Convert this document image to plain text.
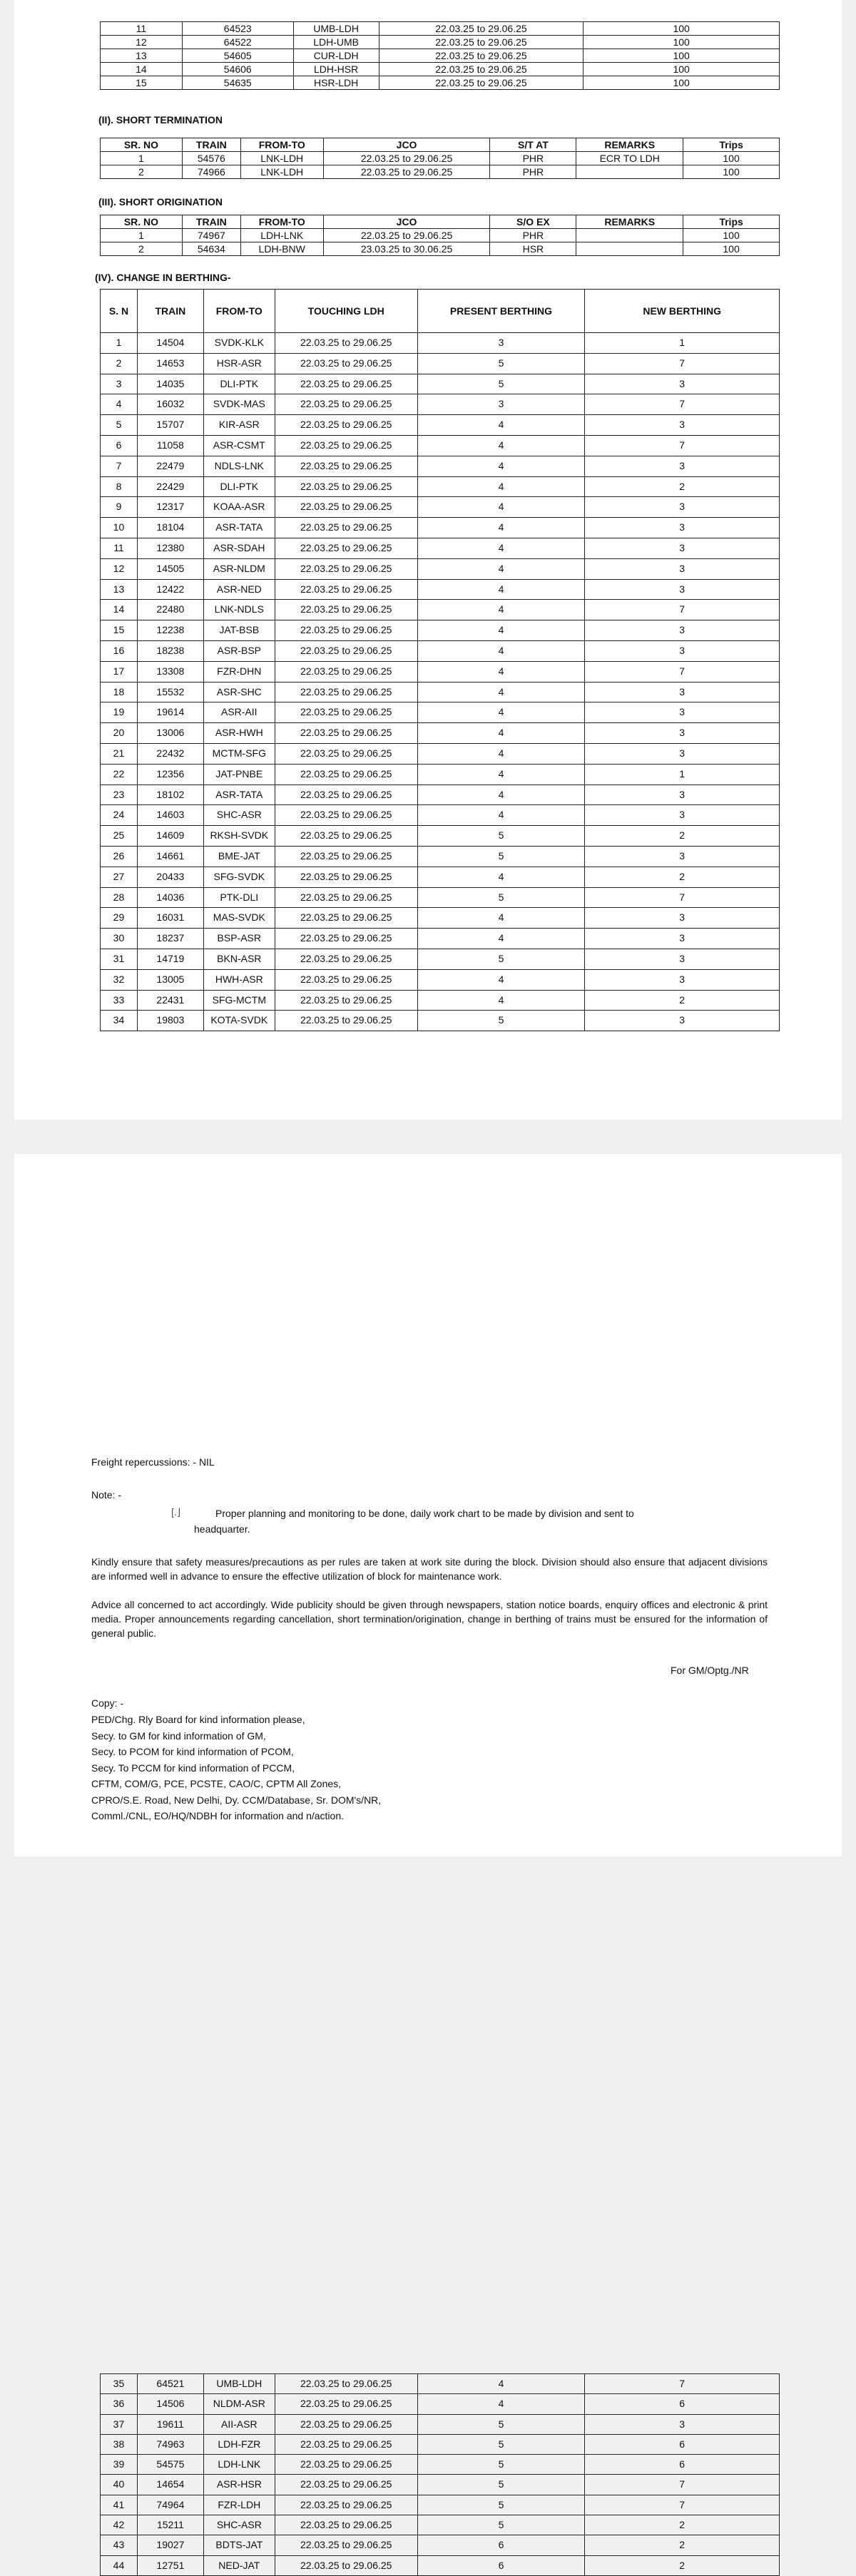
11	64523	UMB-LDH	22.03.25 to 29.06.25	100
12	64522	LDH-UMB	22.03.25 to 29.06.25	100
13	54605	CUR-LDH	22.03.25 to 29.06.25	100
14	54606	LDH-HSR	22.03.25 to 29.06.25	100
15	54635	HSR-LDH	22.03.25 to 29.06.25	100
(II). SHORT TERMINATION
SR. NO	TRAIN	FROM-TO	JCO	S/T AT	REMARKS	Trips
1	54576	LNK-LDH	22.03.25 to 29.06.25	PHR	ECR TO LDH	100
2	74966	LNK-LDH	22.03.25 to 29.06.25	PHR		100
(III). SHORT ORIGINATION
SR. NO	TRAIN	FROM-TO	JCO	S/O EX	REMARKS	Trips
1	74967	LDH-LNK	22.03.25 to 29.06.25	PHR		100
2	54634	LDH-BNW	23.03.25 to 30.06.25	HSR		100
(IV). CHANGE IN BERTHING-
S. N	TRAIN	FROM-TO	TOUCHING LDH	PRESENT BERTHING	NEW BERTHING
1	14504	SVDK-KLK	22.03.25 to 29.06.25	3	1
2	14653	HSR-ASR	22.03.25 to 29.06.25	5	7
3	14035	DLI-PTK	22.03.25 to 29.06.25	5	3
4	16032	SVDK-MAS	22.03.25 to 29.06.25	3	7
5	15707	KIR-ASR	22.03.25 to 29.06.25	4	3
6	11058	ASR-CSMT	22.03.25 to 29.06.25	4	7
7	22479	NDLS-LNK	22.03.25 to 29.06.25	4	3
8	22429	DLI-PTK	22.03.25 to 29.06.25	4	2
9	12317	KOAA-ASR	22.03.25 to 29.06.25	4	3
10	18104	ASR-TATA	22.03.25 to 29.06.25	4	3
11	12380	ASR-SDAH	22.03.25 to 29.06.25	4	3
12	14505	ASR-NLDM	22.03.25 to 29.06.25	4	3
13	12422	ASR-NED	22.03.25 to 29.06.25	4	3
14	22480	LNK-NDLS	22.03.25 to 29.06.25	4	7
15	12238	JAT-BSB	22.03.25 to 29.06.25	4	3
16	18238	ASR-BSP	22.03.25 to 29.06.25	4	3
17	13308	FZR-DHN	22.03.25 to 29.06.25	4	7
18	15532	ASR-SHC	22.03.25 to 29.06.25	4	3
19	19614	ASR-AII	22.03.25 to 29.06.25	4	3
20	13006	ASR-HWH	22.03.25 to 29.06.25	4	3
21	22432	MCTM-SFG	22.03.25 to 29.06.25	4	3
22	12356	JAT-PNBE	22.03.25 to 29.06.25	4	1
23	18102	ASR-TATA	22.03.25 to 29.06.25	4	3
24	14603	SHC-ASR	22.03.25 to 29.06.25	4	3
25	14609	RKSH-SVDK	22.03.25 to 29.06.25	5	2
26	14661	BME-JAT	22.03.25 to 29.06.25	5	3
27	20433	SFG-SVDK	22.03.25 to 29.06.25	4	2
28	14036	PTK-DLI	22.03.25 to 29.06.25	5	7
29	16031	MAS-SVDK	22.03.25 to 29.06.25	4	3
30	18237	BSP-ASR	22.03.25 to 29.06.25	4	3
31	14719	BKN-ASR	22.03.25 to 29.06.25	5	3
32	13005	HWH-ASR	22.03.25 to 29.06.25	4	3
33	22431	SFG-MCTM	22.03.25 to 29.06.25	4	2
34	19803	KOTA-SVDK	22.03.25 to 29.06.25	5	3
35	64521	UMB-LDH	22.03.25 to 29.06.25	4	7
36	14506	NLDM-ASR	22.03.25 to 29.06.25	4	6
37	19611	AII-ASR	22.03.25 to 29.06.25	5	3
38	74963	LDH-FZR	22.03.25 to 29.06.25	5	6
39	54575	LDH-LNK	22.03.25 to 29.06.25	5	6
40	14654	ASR-HSR	22.03.25 to 29.06.25	5	7
41	74964	FZR-LDH	22.03.25 to 29.06.25	5	7
42	15211	SHC-ASR	22.03.25 to 29.06.25	5	2
43	19027	BDTS-JAT	22.03.25 to 29.06.25	6	2
44	12751	NED-JAT	22.03.25 to 29.06.25	6	2
Freight repercussions: - NIL
Note: -
[.⌋	Proper planning and monitoring to be done, daily work chart to be made by division and sent to
headquarter.
Kindly ensure that safety measures/precautions as per rules are taken at work site during the block. Division should also ensure that adjacent divisions are informed well in advance to ensure the effective utilization of block for maintenance work.
Advice all concerned to act accordingly. Wide publicity should be given through newspapers, station notice boards, enquiry offices and electronic & print media. Proper announcements regarding cancellation, short termination/origination, change in berthing of trains must be ensured for the information of general public.
For GM/Optg./NR
Copy: -
PED/Chg. Rly Board for kind information please,
Secy. to GM for kind information of GM,
Secy. to PCOM for kind information of PCOM,
Secy. To PCCM for kind information of PCCM,
CFTM, COM/G, PCE, PCSTE, CAO/C, CPTM All Zones,
CPRO/S.E. Road, New Delhi, Dy. CCM/Database, Sr. DOM's/NR,
Comml./CNL, EO/HQ/NDBH for information and n/action.
